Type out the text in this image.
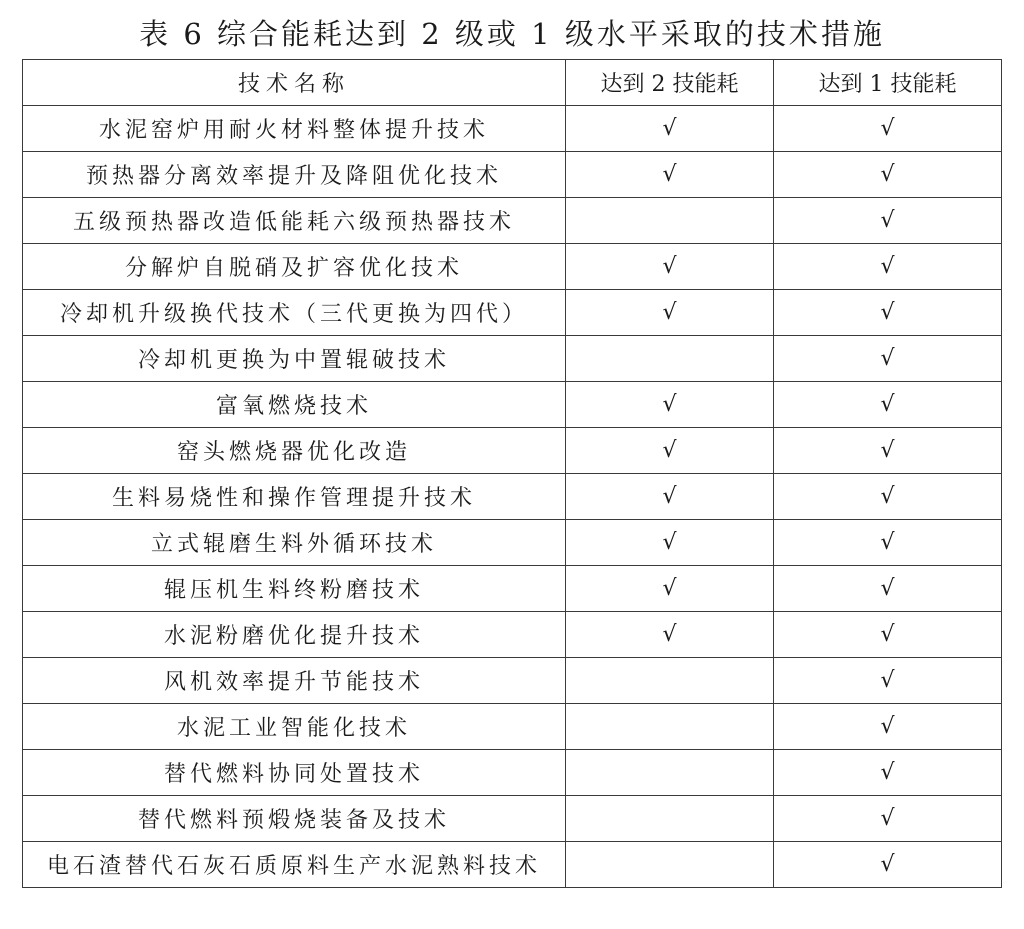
表 6 综合能耗达到 2 级或 1 级水平采取的技术措施
技术名称	达到 2 技能耗	达到 1 技能耗
水泥窑炉用耐火材料整体提升技术	√	√
预热器分离效率提升及降阻优化技术	√	√
五级预热器改造低能耗六级预热器技术		√
分解炉自脱硝及扩容优化技术	√	√
冷却机升级换代技术（三代更换为四代）	√	√
冷却机更换为中置辊破技术		√
富氧燃烧技术	√	√
窑头燃烧器优化改造	√	√
生料易烧性和操作管理提升技术	√	√
立式辊磨生料外循环技术	√	√
辊压机生料终粉磨技术	√	√
水泥粉磨优化提升技术	√	√
风机效率提升节能技术		√
水泥工业智能化技术		√
替代燃料协同处置技术		√
替代燃料预煅烧装备及技术		√
电石渣替代石灰石质原料生产水泥熟料技术		√
